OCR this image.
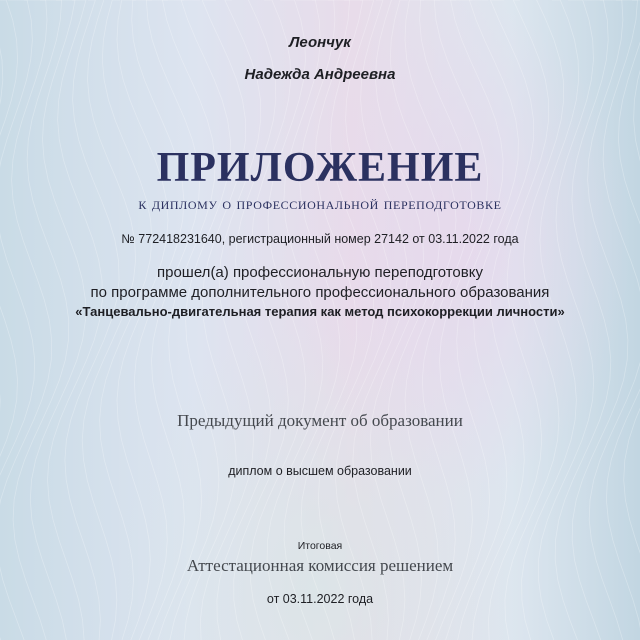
Леончук
Надежда Андреевна
ПРИЛОЖЕНИЕ
к диплому о профессиональной переподготовке
№ 772418231640, регистрационный номер 27142 от 03.11.2022 года
прошел(а) профессиональную переподготовку
по программе дополнительного профессионального образования
«Танцевально-двигательная терапия как метод психокоррекции личности»
Предыдущий документ об образовании
диплом о высшем образовании
Итоговая
Аттестационная комиссия решением
от 03.11.2022 года
